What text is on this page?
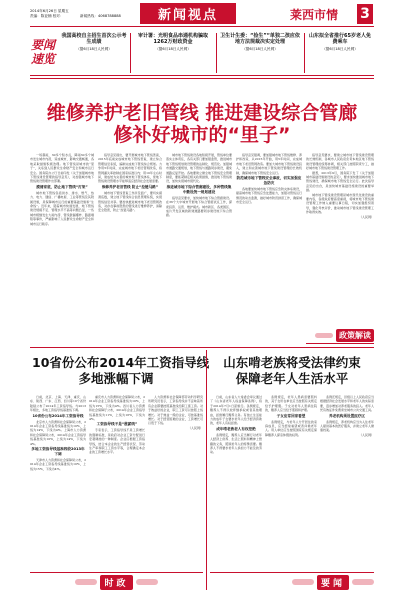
2014年6月26日 星期五
责编：陈亚楠 校对：	新闻热线：4068788888	新闻视点	莱西市情 3
要闻速览
我国高校自主招生首次公示考生成绩
（据6月18日人民网）
审计署：光明食品串通机构骗取1262万财政资金
（据6月18日人民网）
卫生计生委：“捡生”“单独二孩应依地方法规裁决实定处理
（据6月18日人民网）
山东拟全省推行65岁老人免费乘车
（据6月18日人民网）
维修养护老旧管线 推进建设综合管廊
修补好城市的“里子”

一场暴雨，30多个积水点，降雨30多个城市发生城市内涝，造成城市，影响交通畅通，各地采取措施积极治理。地下管线是城市的“里子”，关系到人民群众生命财产安全和城市运行安全。国务院办公厅日前印发《关于加强城市地下管线建设管理的指导意见》，对加强城市地下管线建设管理作出部署。

摸清家底，防止地下管线“打架”

城市地下管线包括供水、排水、燃气、热力、电力、通信、广播电视、工业等管线及其附属设施，是保障城市运行的重要基础设施和“生命线”。近年来，随着城市快速发展，地下管线建设规模不足、管理水平不高等问题凸显，一些城市相继发生大雨内涝、管线泄漏爆炸、路面塌陷等事件，严重影响了人民群众生命财产安全和城市运行秩序。

指导意见提出，要开展城市地下管线普查，2015年底前完成城市地下管线普查，建立综合管理信息系统，编制完成地下管线综合规划。力争用5年时间，完成城市地下老旧管网改造，将管网漏失率控制在国家标准以内；用10年左右时间，建成较为完善的城市地下管线体系，使地下管线建设管理水平能够适应经济社会发展需要。

维修养护老旧管线 防止“拉链马路”

城市地下管线普查工作涉及面广，要切实摸清底数，建立地下管线综合信息管理系统，实现管线信息共享。要加快推进城市地下老旧管网改造，对存在事故隐患的管线进行维修养护，消除安全隐患，防止“拉链马路”。

城市地下管线建设各地积极开展，管线单位要落实主体责任，各有关部门要加强监管，推进城市地下管线规划建设管理的法制化、规范化。加强城市道路交通规划，地下管线与道路同步建设，避免道路反复开挖。各地要建立健全地下管线安全管理制度，要抓紧制定相关政策措施，推进地下管线建设，加快实现城市现代化。

推进城市地下综合管廊建设，多种管线集中敷设统一规划建设

指导意见要求，加快城市地下综合管廊建设。在36个大中城市开展地下综合管廊试点工作，探索投资、运营、维护模式。城市新区、各类园区、成片开发区域的新建道路要同步建设地下综合管廊。

指导意见强调，要加强城市地下管线维修、养护和改造，从2015年开始，用5年时间，完成城市地下老旧管网改造。要加大城市地下管线建设投入，建立和完善城市地下管线建设管理的长效机制，确保城市地下管线安全运行。

防范城市地下管线安全事故，切实加强应急防灾

各地要加快城市地下管线应急防灾体系建设，提高城市地下管线应急处置能力，加强对管线运行情况的动态监测，做好城市防汛排涝工作，确保城市安全运行。

指导意见要求，要建立城市地下管线建设管理的长效机制，各城市人民政府负责本地区地下管线建设管理的统筹协调，相关部门按照职责分工，做好城市地下管线建设管理工作。

据悉，2013年9月，国务院下发了《关于加强城市基础设施建设的意见》，要求加快推进城市地下管线建设，确保城市地下管线安全运行。此次指导意见的出台，是加快城市基础设施建设的重要举措。

城市地下管线建设管理是城市现代化建设的重要内容，各级政府要高度重视，将城市地下管线建设管理工作纳入重要议事日程，切实加强组织领导，强化考核评价，推动城市地下管线建设管理工作取得实效。

（人民网）
政策解读
10省份公布2014年工资指导线
多地涨幅下调

日前，北京、上海、天津、重庆、山东、陕西、广东、江西、四川等10个省份陆续公布了2014年工资指导线。与2013年相比，多地工资指导线基准线下调。

10省份公布2014年工资指导线

北京市人力资源和社会保障局公布，2014年企业工资指导线基准线为10%，上线为14%，下线为4%。上海市人力资源和社会保障局公布，2014年企业工资指导线基准线为10%，上线为14%，下线为4%。

多地工资指导线基准线较2013年下调

天津市人力资源和社会保障局公布，2014年企业工资指导线基准线为10%，上线为15%，下线为4%。

重庆市人力资源和社会保障局公布，2014年企业工资指导线基准线为10%，上线为15%，下线为4%。四川省人力资源和社会保障厅公布，2014年企业工资指导线基准线为11%，上线为16%，下线为4%。

工资指导线不是“涨薪线”

专家表示，工资指导线不是工资增长的强制标准，是政府对企业工资分配进行宏观调控的一种制度。企业应根据工资指导线，结合本企业的生产经营状况、劳动生产率和职工工资水平等，合理确定本企业的工资增长水平。

人力资源和社会保障部劳动科学研究所研究员表示，工资指导线并不意味着所有企业都要按照基准线给职工涨工资。对于效益好的企业，职工工资可以按照上线增长。对于效益一般的企业，可按基准线增长。对于经营困难的企业，工资增长可以低于下线。

（人民网）
时政
山东啃老族将受法律约束
保障老年人生活水平

日前，山东省人大常委会审议通过了《山东省老年人权益保障条例》，将于2014年7月1日起施行。条例规定，赡养人不得以放弃继承权或者其他理由，拒绝履行赡养义务。有独立生活能力的成年子女要求老年人给予经济资助的，老年人有权拒绝。

成年啃老族老人有权拒绝

条例规定，赡养人应当履行对老年人经济上供养、生活上照料和精神上慰藉的义务，照顾老年人的特殊需要。赡养人不得要求老年人承担力不能及的劳动。

条例规定，老年人患病需要照料的，其子女所在单位应当按照有关规定给予护理假。子女对老年人患病住院的，赡养人应当给予照顾和护理。

子女应常回家看望

条例规定，与老年人分开居住的家庭成员，应当经常看望或者问候老年人。用人单位应当按照国家有关规定保障赡养人探亲休假的权利。

条例还规定，县级以上人民政府应当根据经济社会发展水平和老年人的实际需要，逐步增加对养老服务的投入。老年人凭有效证件免费乘坐城市公共交通工具。

养老机构须设置医疗区

条例规定，养老机构应当为入住老年人提供基本的医疗服务，并建立老年人健康档案。

（人民网）
要闻
